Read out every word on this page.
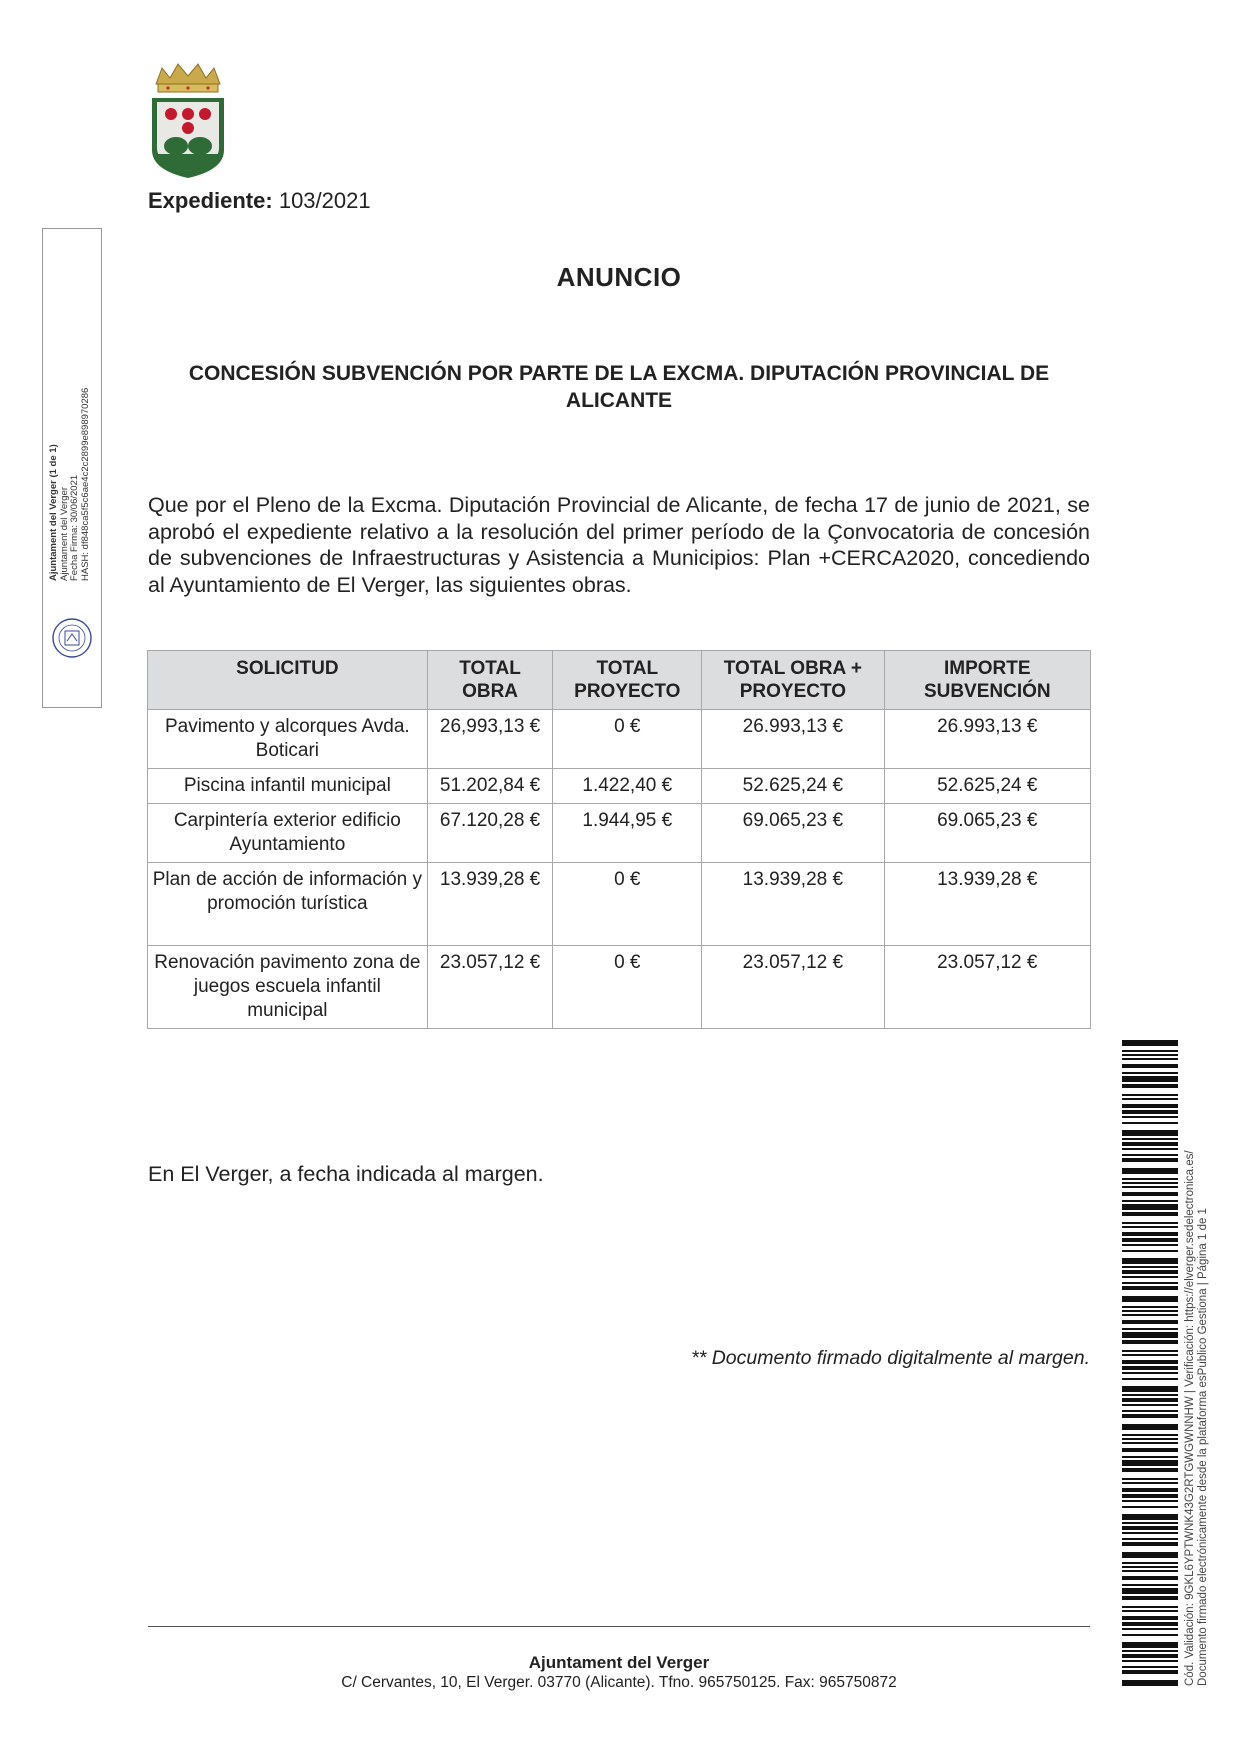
Expediente: 103/2021
ANUNCIO
CONCESIÓN SUBVENCIÓN POR PARTE DE LA EXCMA. DIPUTACIÓN PROVINCIAL DE ALICANTE
Que por el Pleno de la Excma. Diputación Provincial de Alicante, de fecha 17 de junio de 2021, se aprobó el expediente relativo a la resolución del primer período de la Çonvocatoria de concesión de subvenciones de Infraestructuras y Asistencia a Municipios: Plan +CERCA2020, concediendo al Ayuntamiento de El Verger, las siguientes obras.
SOLICITUD	TOTAL OBRA	TOTAL PROYECTO	TOTAL OBRA + PROYECTO	IMPORTE SUBVENCIÓN
Pavimento y alcorques Avda. Boticari	26,993,13 €	0 €	26.993,13 €	26.993,13 €
Piscina infantil municipal	51.202,84 €	1.422,40 €	52.625,24 €	52.625,24 €
Carpintería exterior edificio Ayuntamiento	67.120,28 €	1.944,95 €	69.065,23 €	69.065,23 €
Plan de acción de información y promoción turística	13.939,28 €	0 €	13.939,28 €	13.939,28 €
Renovación pavimento zona de juegos escuela infantil municipal	23.057,12 €	0 €	23.057,12 €	23.057,12 €
En El Verger, a fecha indicada al margen.
** Documento firmado digitalmente al margen.
Ajuntament del Verger
C/ Cervantes, 10, El Verger. 03770 (Alicante). Tfno. 965750125. Fax: 965750872
Ajuntament del Verger (1 de 1) Ajuntament del Verger Fecha Firma: 30/06/2021 HASH: df848ca5f5c6ae4c2c2899e898970286
Cód. Validación: 9GKL6YPTWNK43G2RTGWGWNNHW | Verificación: https://elverger.sedelectronica.es/ Documento firmado electrónicamente desde la plataforma esPublico Gestiona | Página 1 de 1
